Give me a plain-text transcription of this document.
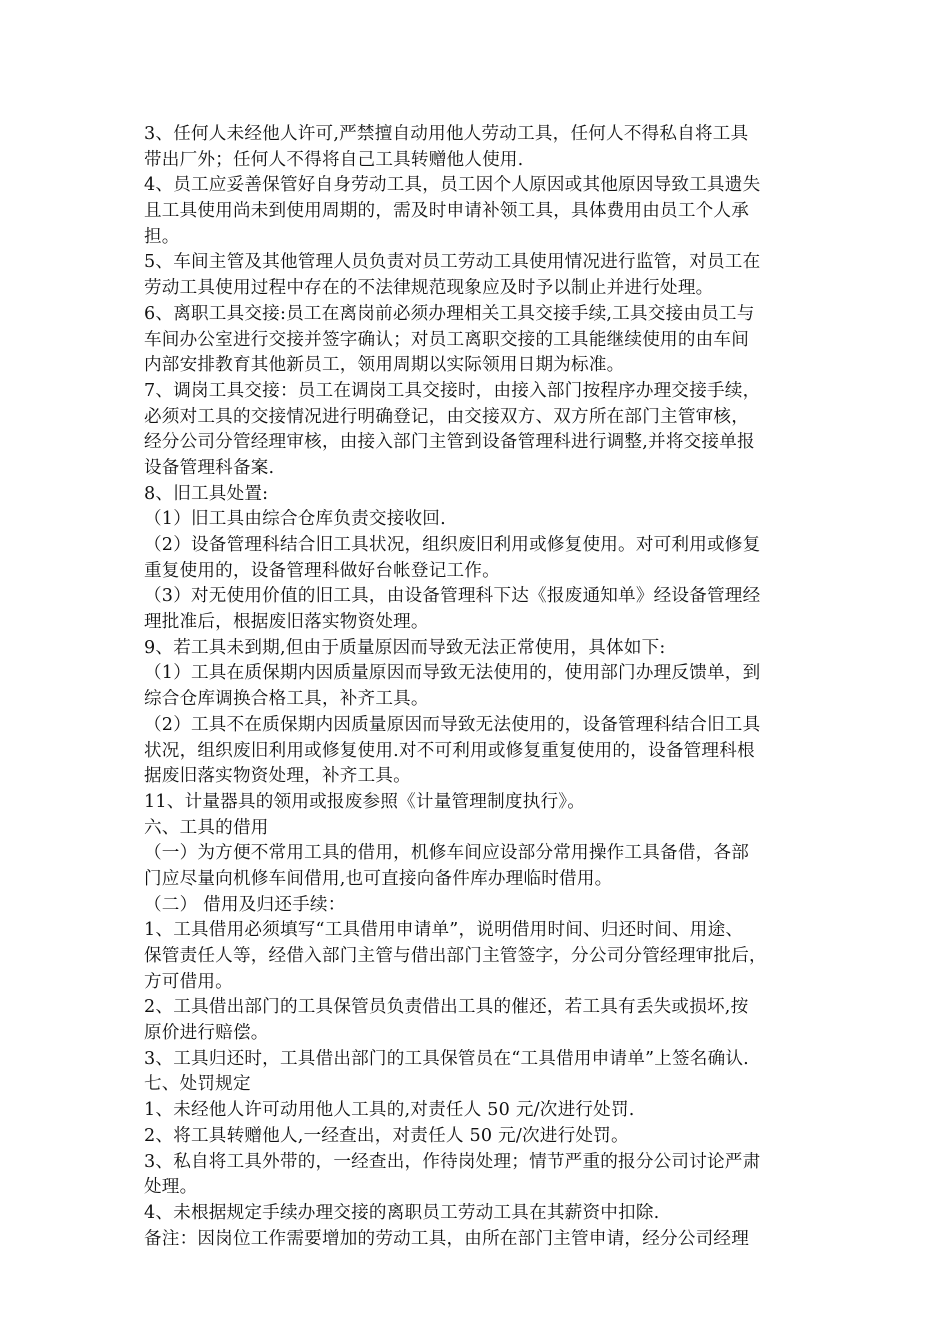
3、任何人未经他人许可,严禁擅自动用他人劳动工具，任何人不得私自将工具
带出厂外；任何人不得将自己工具转赠他人使用.
4、员工应妥善保管好自身劳动工具，员工因个人原因或其他原因导致工具遗失
且工具使用尚未到使用周期的，需及时申请补领工具，具体费用由员工个人承
担。
5、车间主管及其他管理人员负责对员工劳动工具使用情况进行监管，对员工在
劳动工具使用过程中存在的不法律规范现象应及时予以制止并进行处理。
6、离职工具交接:员工在离岗前必须办理相关工具交接手续,工具交接由员工与
车间办公室进行交接并签字确认；对员工离职交接的工具能继续使用的由车间
内部安排教育其他新员工，领用周期以实际领用日期为标准。
7、调岗工具交接：员工在调岗工具交接时，由接入部门按程序办理交接手续，
必须对工具的交接情况进行明确登记，由交接双方、双方所在部门主管审核，
经分公司分管经理审核，由接入部门主管到设备管理科进行调整,并将交接单报
设备管理科备案.
8、旧工具处置:
（1）旧工具由综合仓库负责交接收回.
（2）设备管理科结合旧工具状况，组织废旧利用或修复使用。对可利用或修复
重复使用的，设备管理科做好台帐登记工作。
（3）对无使用价值的旧工具，由设备管理科下达《报废通知单》经设备管理经
理批准后，根据废旧落实物资处理。
9、若工具未到期,但由于质量原因而导致无法正常使用，具体如下:
（1）工具在质保期内因质量原因而导致无法使用的，使用部门办理反馈单，到
综合仓库调换合格工具，补齐工具。
（2）工具不在质保期内因质量原因而导致无法使用的，设备管理科结合旧工具
状况，组织废旧利用或修复使用.对不可利用或修复重复使用的，设备管理科根
据废旧落实物资处理，补齐工具。
11、计量器具的领用或报废参照《计量管理制度执行》。
六、工具的借用
（一）为方便不常用工具的借用，机修车间应设部分常用操作工具备借，各部
门应尽量向机修车间借用,也可直接向备件库办理临时借用。
（二） 借用及归还手续：
1、工具借用必须填写“工具借用申请单”，说明借用时间、归还时间、用途、
保管责任人等，经借入部门主管与借出部门主管签字，分公司分管经理审批后，
方可借用。
2、工具借出部门的工具保管员负责借出工具的催还，若工具有丢失或损坏,按
原价进行赔偿。
3、工具归还时，工具借出部门的工具保管员在“工具借用申请单”上签名确认.
七、处罚规定
1、未经他人许可动用他人工具的,对责任人 50 元/次进行处罚.
2、将工具转赠他人,一经查出，对责任人 50 元/次进行处罚。
3、私自将工具外带的，一经查出，作待岗处理；情节严重的报分公司讨论严肃
处理。
4、未根据规定手续办理交接的离职员工劳动工具在其薪资中扣除.
备注：因岗位工作需要增加的劳动工具，由所在部门主管申请，经分公司经理
